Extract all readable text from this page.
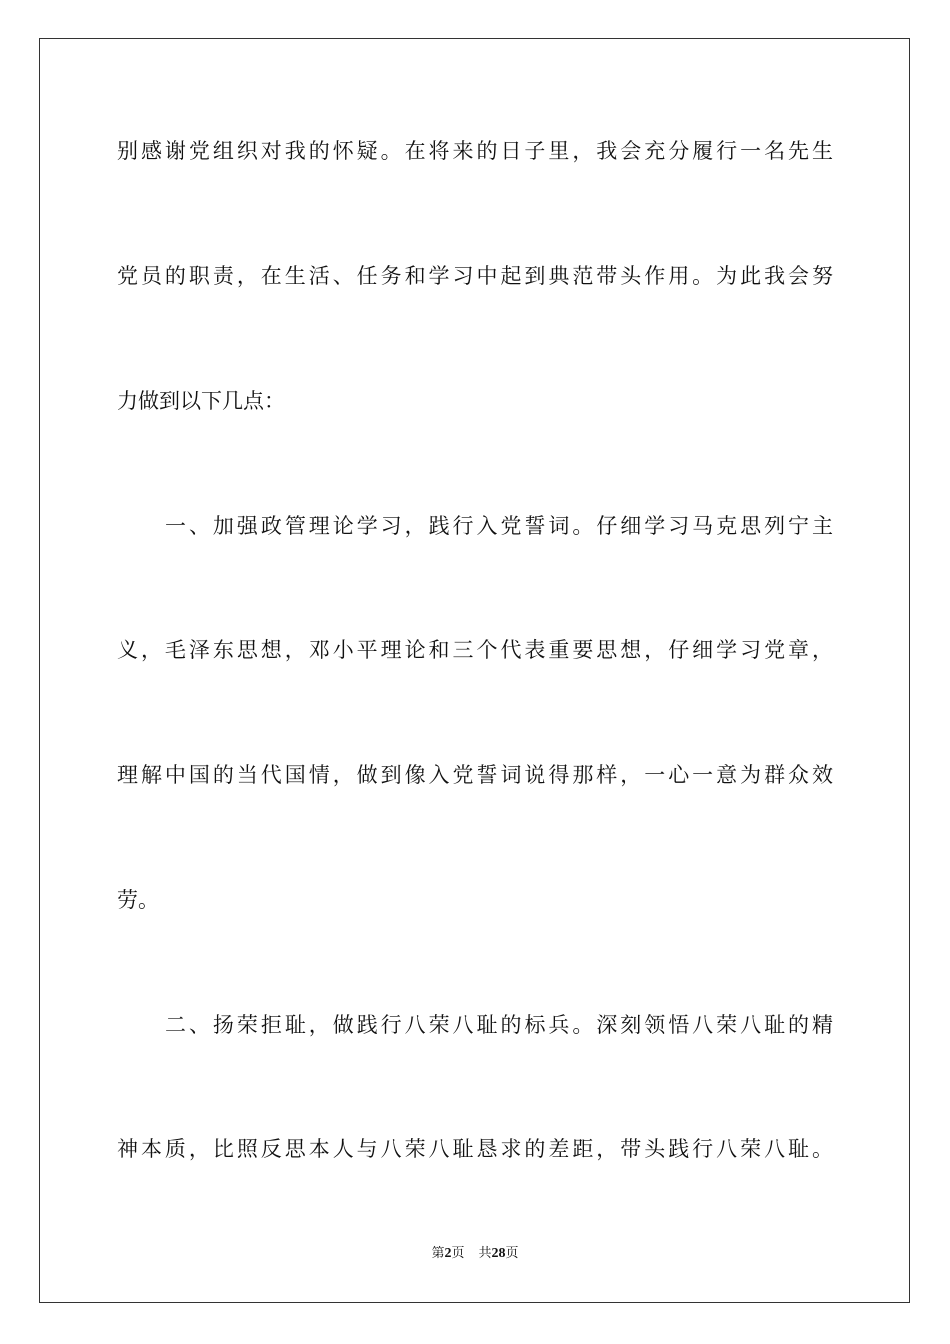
别感谢党组织对我的怀疑。在将来的日子里，我会充分履行一名先生
党员的职责，在生活、任务和学习中起到典范带头作用。为此我会努
力做到以下几点：
一、加强政管理论学习，践行入党誓词。仔细学习马克思列宁主
义，毛泽东思想，邓小平理论和三个代表重要思想，仔细学习党章，
理解中国的当代国情，做到像入党誓词说得那样，一心一意为群众效
劳。
二、扬荣拒耻，做践行八荣八耻的标兵。深刻领悟八荣八耻的精
神本质，比照反思本人与八荣八耻恳求的差距，带头践行八荣八耻。
第2页 共28页
